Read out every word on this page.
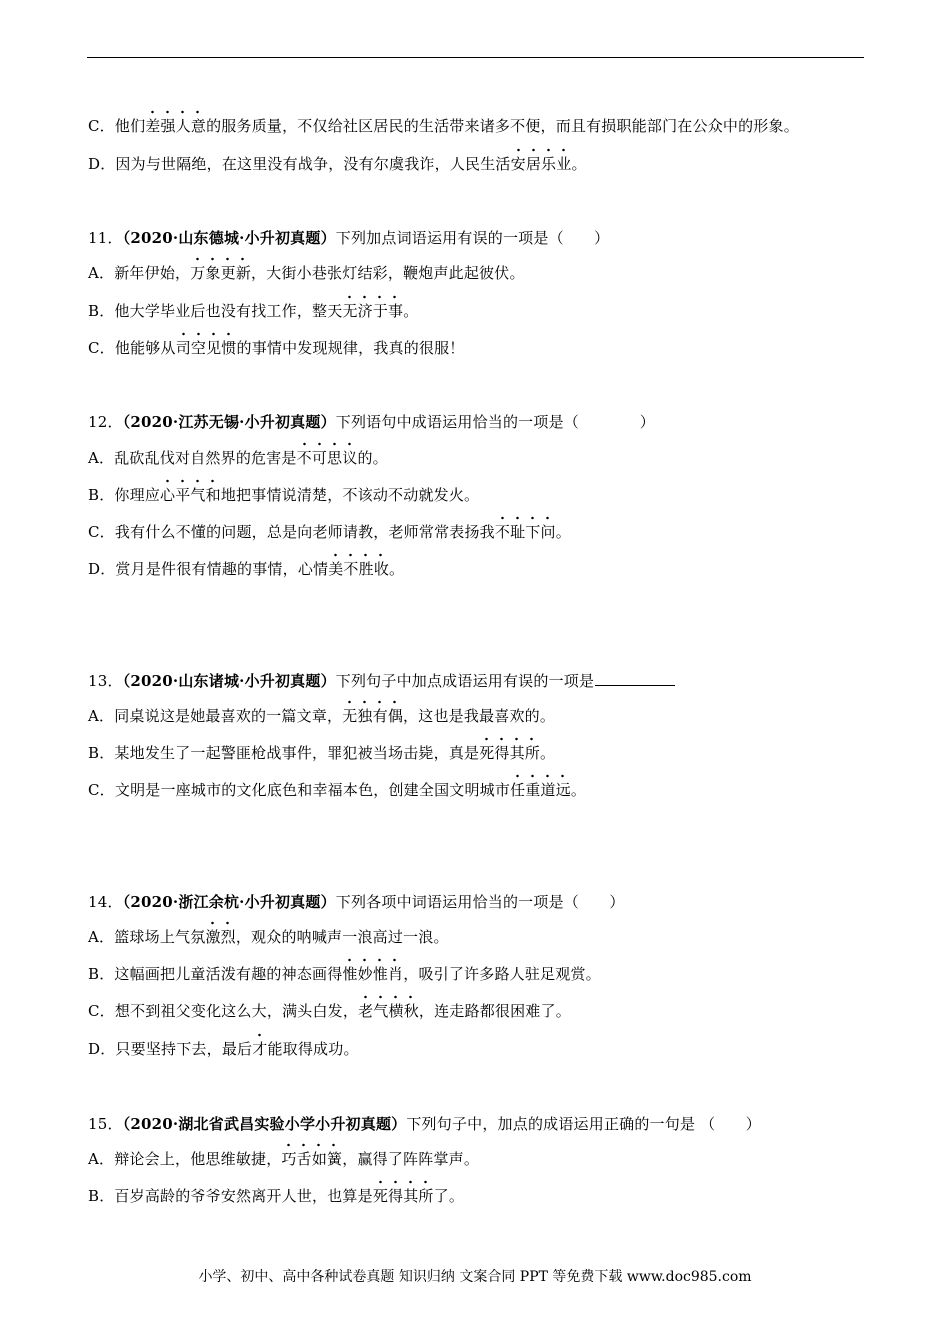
C．他们差强人意的服务质量，不仅给社区居民的生活带来诸多不便，而且有损职能部门在公众中的形象。
D．因为与世隔绝，在这里没有战争，没有尔虞我诈，人民生活安居乐业。
11．（2020·山东德城·小升初真题）下列加点词语运用有误的一项是（　　）
A．新年伊始，万象更新，大街小巷张灯结彩，鞭炮声此起彼伏。
B．他大学毕业后也没有找工作，整天无济于事。
C．他能够从司空见惯的事情中发现规律，我真的很服！
12．（2020·江苏无锡·小升初真题）下列语句中成语运用恰当的一项是（　　　　）
A．乱砍乱伐对自然界的危害是不可思议的。
B．你理应心平气和地把事情说清楚，不该动不动就发火。
C．我有什么不懂的问题，总是向老师请教，老师常常表扬我不耻下问。
D．赏月是件很有情趣的事情，心情美不胜收。
13．（2020·山东诸城·小升初真题）下列句子中加点成语运用有误的一项是
A．同桌说这是她最喜欢的一篇文章，无独有偶，这也是我最喜欢的。
B．某地发生了一起警匪枪战事件，罪犯被当场击毙，真是死得其所。
C．文明是一座城市的文化底色和幸福本色，创建全国文明城市任重道远。
14．（2020·浙江余杭·小升初真题）下列各项中词语运用恰当的一项是（　　）
A．篮球场上气氛激烈，观众的呐喊声一浪高过一浪。
B．这幅画把儿童活泼有趣的神态画得惟妙惟肖，吸引了许多路人驻足观赏。
C．想不到祖父变化这么大，满头白发，老气横秋，连走路都很困难了。
D．只要坚持下去，最后才能取得成功。
15．（2020·湖北省武昌实验小学小升初真题）下列句子中，加点的成语运用正确的一句是 （　　）
A．辩论会上，他思维敏捷，巧舌如簧，赢得了阵阵掌声。
B．百岁高龄的爷爷安然离开人世，也算是死得其所了。
小学、初中、高中各种试卷真题 知识归纳 文案合同 PPT 等免费下载 www.doc985.com
